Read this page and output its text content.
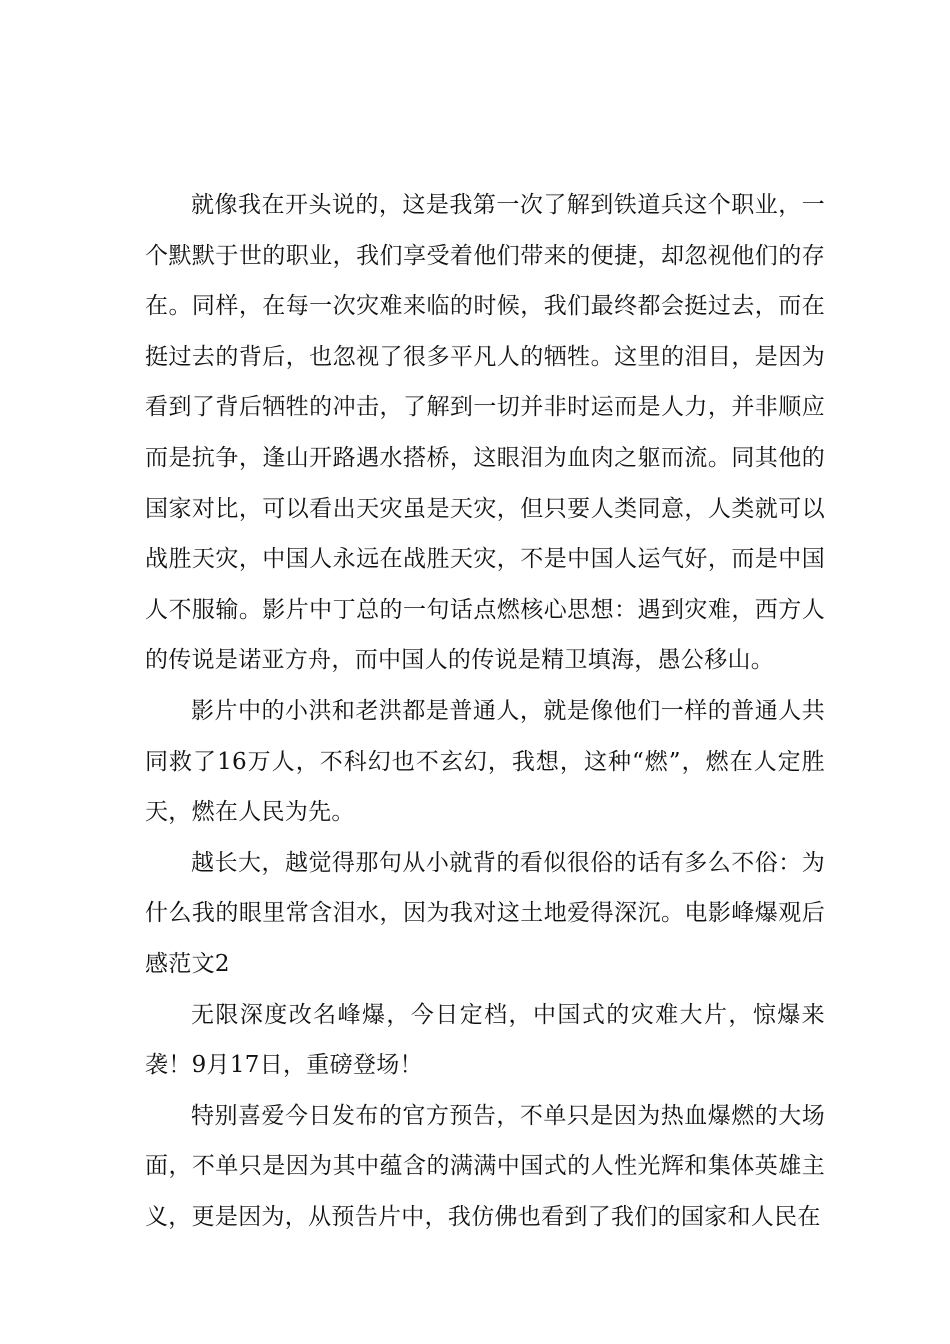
就像我在开头说的，这是我第一次了解到铁道兵这个职业，一个默默于世的职业，我们享受着他们带来的便捷，却忽视他们的存在。同样，在每一次灾难来临的时候，我们最终都会挺过去，而在挺过去的背后，也忽视了很多平凡人的牺牲。这里的泪目，是因为看到了背后牺牲的冲击，了解到一切并非时运而是人力，并非顺应而是抗争，逢山开路遇水搭桥，这眼泪为血肉之躯而流。同其他的国家对比，可以看出天灾虽是天灾，但只要人类同意，人类就可以战胜天灾，中国人永远在战胜天灾，不是中国人运气好，而是中国人不服输。影片中丁总的一句话点燃核心思想：遇到灾难，西方人的传说是诺亚方舟，而中国人的传说是精卫填海，愚公移山。

影片中的小洪和老洪都是普通人，就是像他们一样的普通人共同救了16万人，不科幻也不玄幻，我想，这种“燃”，燃在人定胜天，燃在人民为先。

越长大，越觉得那句从小就背的看似很俗的话有多么不俗：为什么我的眼里常含泪水，因为我对这土地爱得深沉。电影峰爆观后感范文2

无限深度改名峰爆，今日定档，中国式的灾难大片，惊爆来袭！9月17日，重磅登场！

特别喜爱今日发布的官方预告，不单只是因为热血爆燃的大场面，不单只是因为其中蕴含的满满中国式的人性光辉和集体英雄主义，更是因为，从预告片中，我仿佛也看到了我们的国家和人民在
